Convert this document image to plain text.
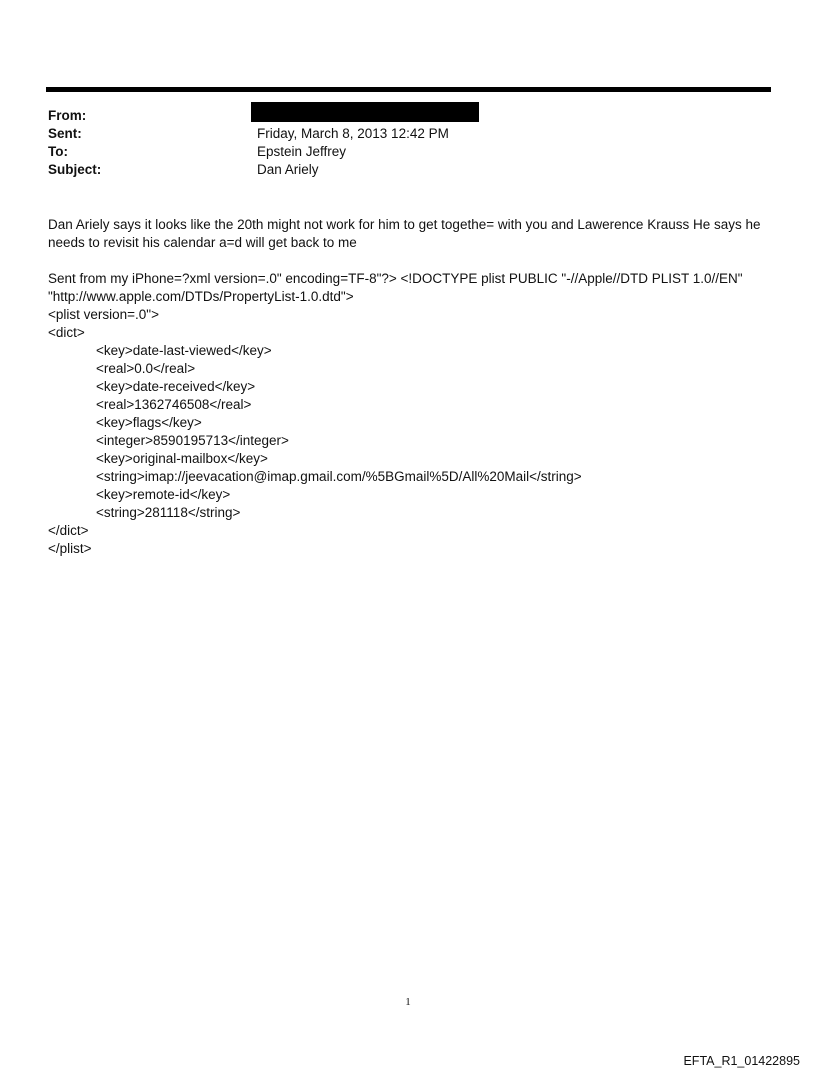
From:
Sent:	Friday, March 8, 2013 12:42 PM
To:	Epstein Jeffrey
Subject:	Dan Ariely

Dan Ariely says it looks like the 20th might not work for him to get togethe= with you and Lawerence Krauss He says he needs to revisit his calendar a=d will get back to me

Sent from my iPhone=?xml version=.0" encoding=TF-8"?> <!DOCTYPE plist PUBLIC "-//Apple//DTD PLIST 1.0//EN"
"http://www.apple.com/DTDs/PropertyList-1.0.dtd">
<plist version=.0">
<dict>
<key>date-last-viewed</key>
<real>0.0</real>
<key>date-received</key>
<real>1362746508</real>
<key>flags</key>
<integer>8590195713</integer>
<key>original-mailbox</key>
<string>imap://jeevacation@imap.gmail.com/%5BGmail%5D/All%20Mail</string>
<key>remote-id</key>
<string>281118</string>
</dict>
</plist>
1
EFTA_R1_01422895
